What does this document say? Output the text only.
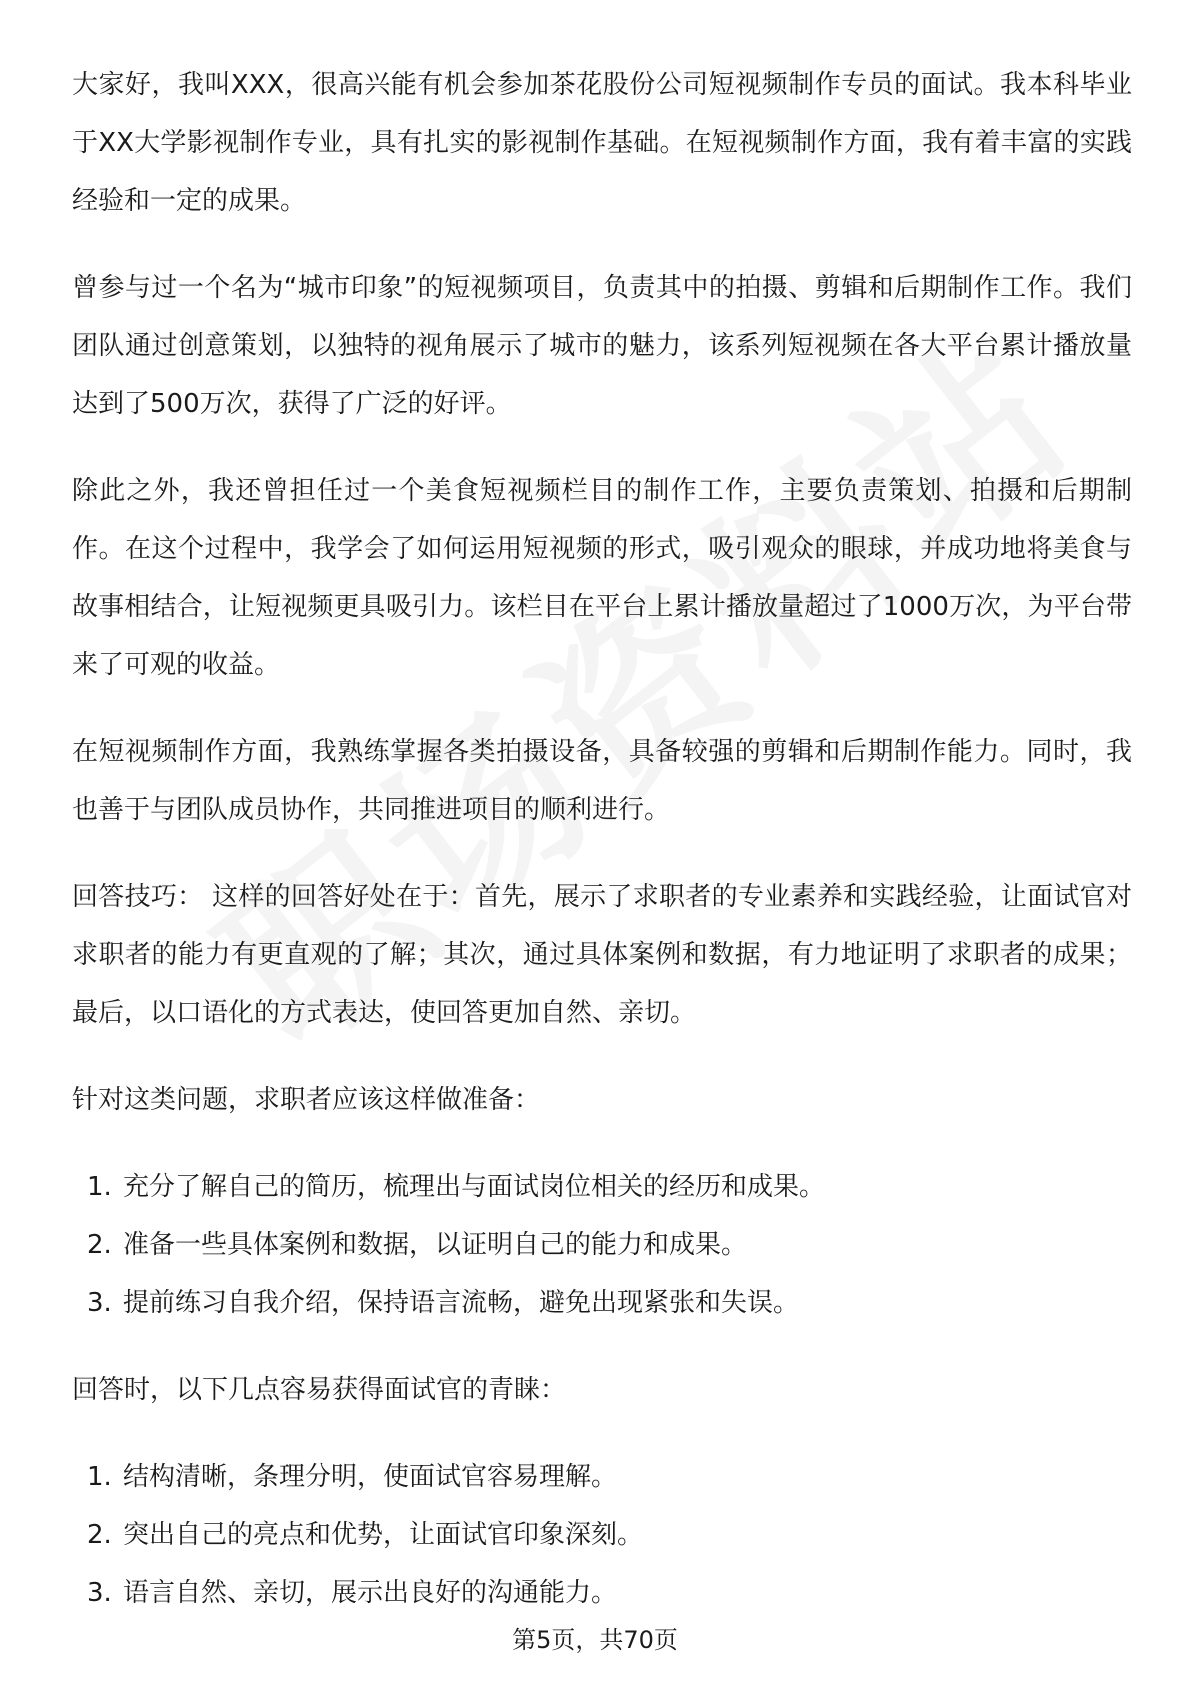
大家好，我叫XXX，很高兴能有机会参加茶花股份公司短视频制作专员的面试。我本科毕业于XX大学影视制作专业，具有扎实的影视制作基础。在短视频制作方面，我有着丰富的实践经验和一定的成果。

曾参与过一个名为“城市印象”的短视频项目，负责其中的拍摄、剪辑和后期制作工作。我们团队通过创意策划，以独特的视角展示了城市的魅力，该系列短视频在各大平台累计播放量达到了500万次，获得了广泛的好评。

除此之外，我还曾担任过一个美食短视频栏目的制作工作，主要负责策划、拍摄和后期制作。在这个过程中，我学会了如何运用短视频的形式，吸引观众的眼球，并成功地将美食与故事相结合，让短视频更具吸引力。该栏目在平台上累计播放量超过了1000万次，为平台带来了可观的收益。

在短视频制作方面，我熟练掌握各类拍摄设备，具备较强的剪辑和后期制作能力。同时，我也善于与团队成员协作，共同推进项目的顺利进行。

回答技巧： 这样的回答好处在于：首先，展示了求职者的专业素养和实践经验，让面试官对求职者的能力有更直观的了解；其次，通过具体案例和数据，有力地证明了求职者的成果；最后，以口语化的方式表达，使回答更加自然、亲切。

针对这类问题，求职者应该这样做准备：

1. 充分了解自己的简历，梳理出与面试岗位相关的经历和成果。
2. 准备一些具体案例和数据，以证明自己的能力和成果。
3. 提前练习自我介绍，保持语言流畅，避免出现紧张和失误。

回答时，以下几点容易获得面试官的青睐：

1. 结构清晰，条理分明，使面试官容易理解。
2. 突出自己的亮点和优势，让面试官印象深刻。
3. 语言自然、亲切，展示出良好的沟通能力。
第5页，共70页
